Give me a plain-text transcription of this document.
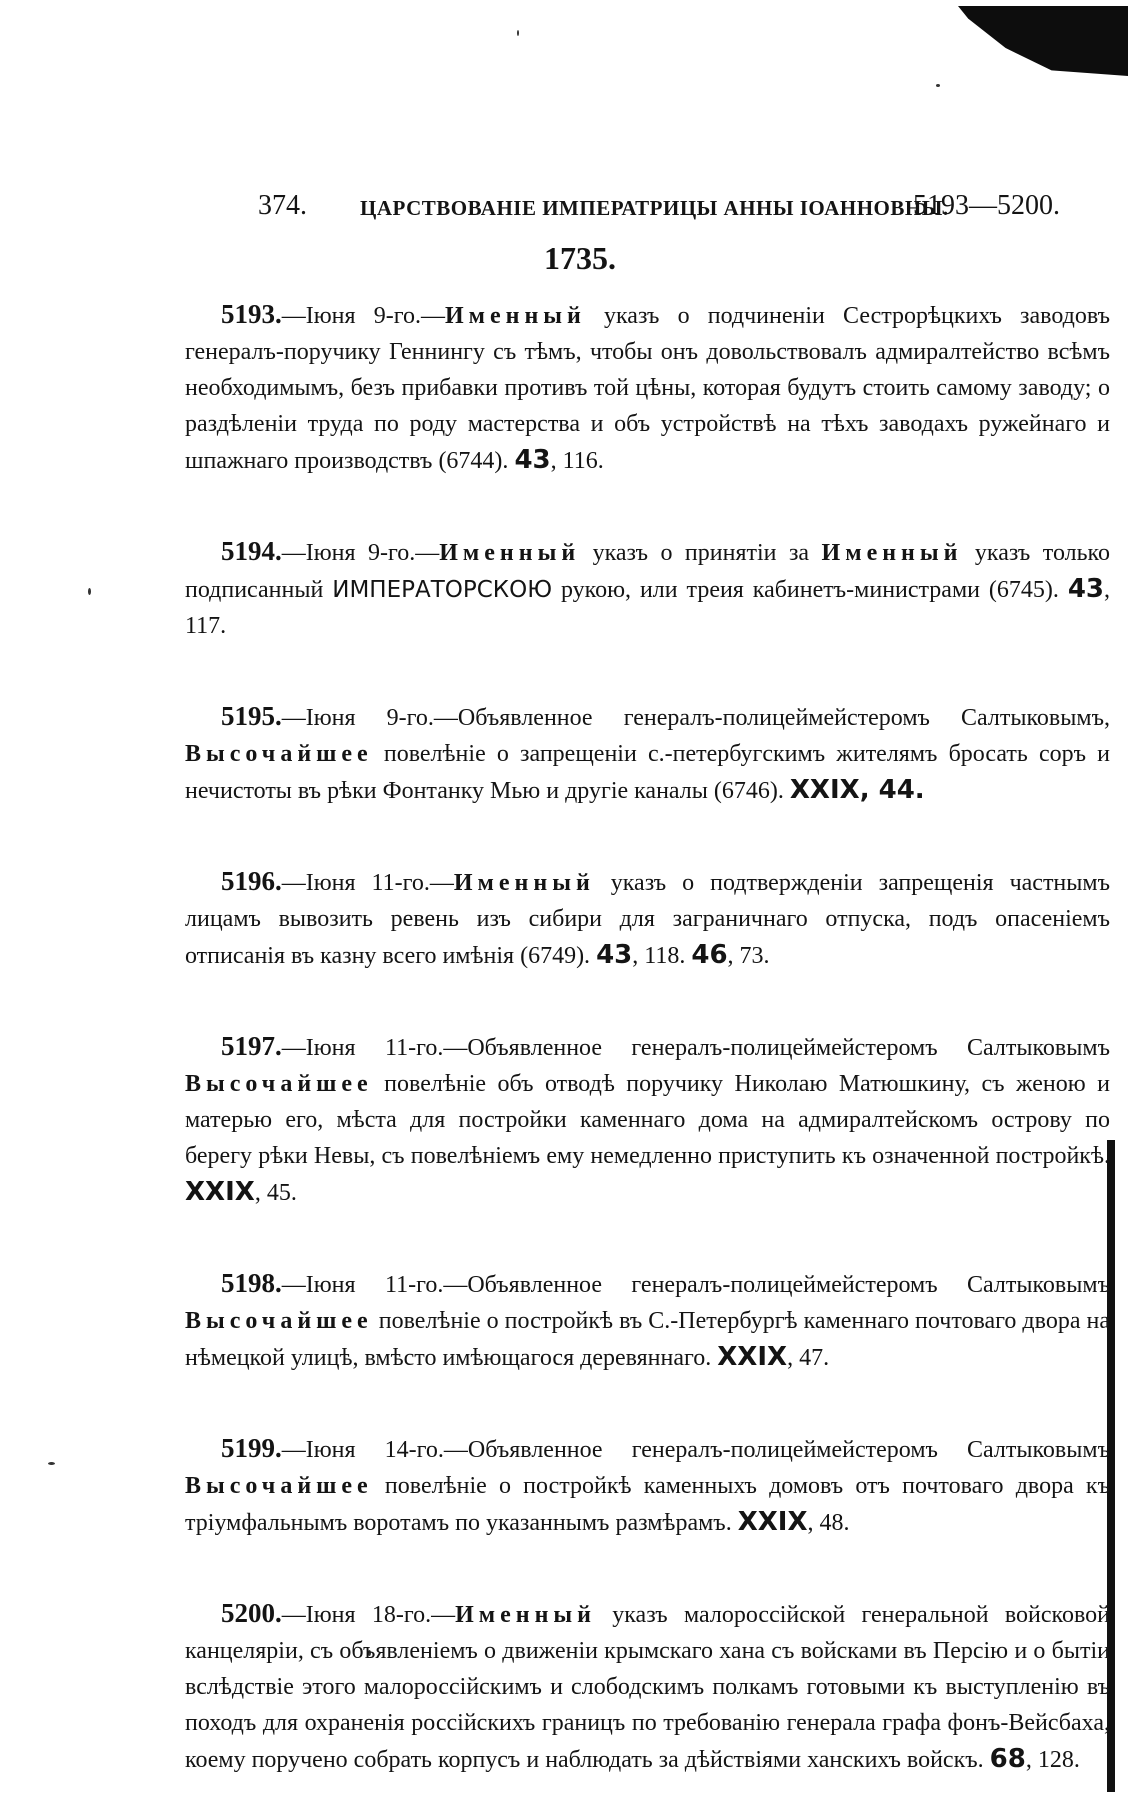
374.	ЦАРСТВОВАНІЕ ИМПЕРАТРИЦЫ АННЫ ІОАННОВНЫ.
5193—5200.
1735.

5193.—Іюня 9-го.—Именный указъ о подчиненіи Сестрорѣцкихъ заводовъ генералъ-поручику Геннингу съ тѣмъ, чтобы онъ довольствовалъ адмиралтейство всѣмъ необходимымъ, безъ прибавки противъ той цѣны, которая будутъ стоить самому заводу; о раздѣленіи труда по роду мастерства и объ устройствѣ на тѣхъ заводахъ ружейнаго и шпажнаго производствъ (6744). 43, 116.

5194.—Іюня 9-го.—Именный указъ о принятіи за Именный указъ только подписанный ИМПЕРАТОРСКОЮ рукою, или треия кабинетъ-министрами (6745). 43, 117.

5195.—Іюня 9-го.—Объявленное генералъ-полицеймейстеромъ Салтыковымъ, Высочайшее повелѣніе о запрещеніи с.-петербугскимъ жителямъ бросать соръ и нечистоты въ рѣки Фонтанку Мью и другіе каналы (6746). XXIX, 44.

5196.—Іюня 11-го.—Именный указъ о подтвержденіи запрещенія частнымъ лицамъ вывозить ревень изъ сибири для заграничнаго отпуска, подъ опасеніемъ отписанія въ казну всего имѣнія (6749). 43, 118. 46, 73.

5197.—Іюня 11-го.—Объявленное генералъ-полицеймейстеромъ Салтыковымъ Высочайшее повелѣніе объ отводѣ поручику Николаю Матюшкину, съ женою и матерью его, мѣста для постройки каменнаго дома на адмиралтейскомъ острову по берегу рѣки Невы, съ повелѣніемъ ему немедленно приступить къ означенной постройкѣ. XXIX, 45.

5198.—Іюня 11-го.—Объявленное генералъ-полицеймейстеромъ Салтыковымъ Высочайшее повелѣніе о постройкѣ въ С.-Петербургѣ каменнаго почтоваго двора на нѣмецкой улицѣ, вмѣсто имѣющагося деревяннаго. XXIX, 47.

5199.—Іюня 14-го.—Объявленное генералъ-полицеймейстеромъ Салтыковымъ Высочайшее повелѣніе о постройкѣ каменныхъ домовъ отъ почтоваго двора къ тріумфальнымъ воротамъ по указаннымъ размѣрамъ. XXIX, 48.

5200.—Іюня 18-го.—Именный указъ малороссійской генеральной войсковой канцеляріи, съ объявленіемъ о движеніи крымскаго хана съ войсками въ Персію и о бытіи вслѣдствіе этого малороссійскимъ и слободскимъ полкамъ готовыми къ выступленію въ походъ для охраненія россійскихъ границъ по требованію генерала графа фонъ-Вейсбаха, коему поручено собрать корпусъ и наблюдать за дѣйствіями ханскихъ войскъ. 68, 128.
